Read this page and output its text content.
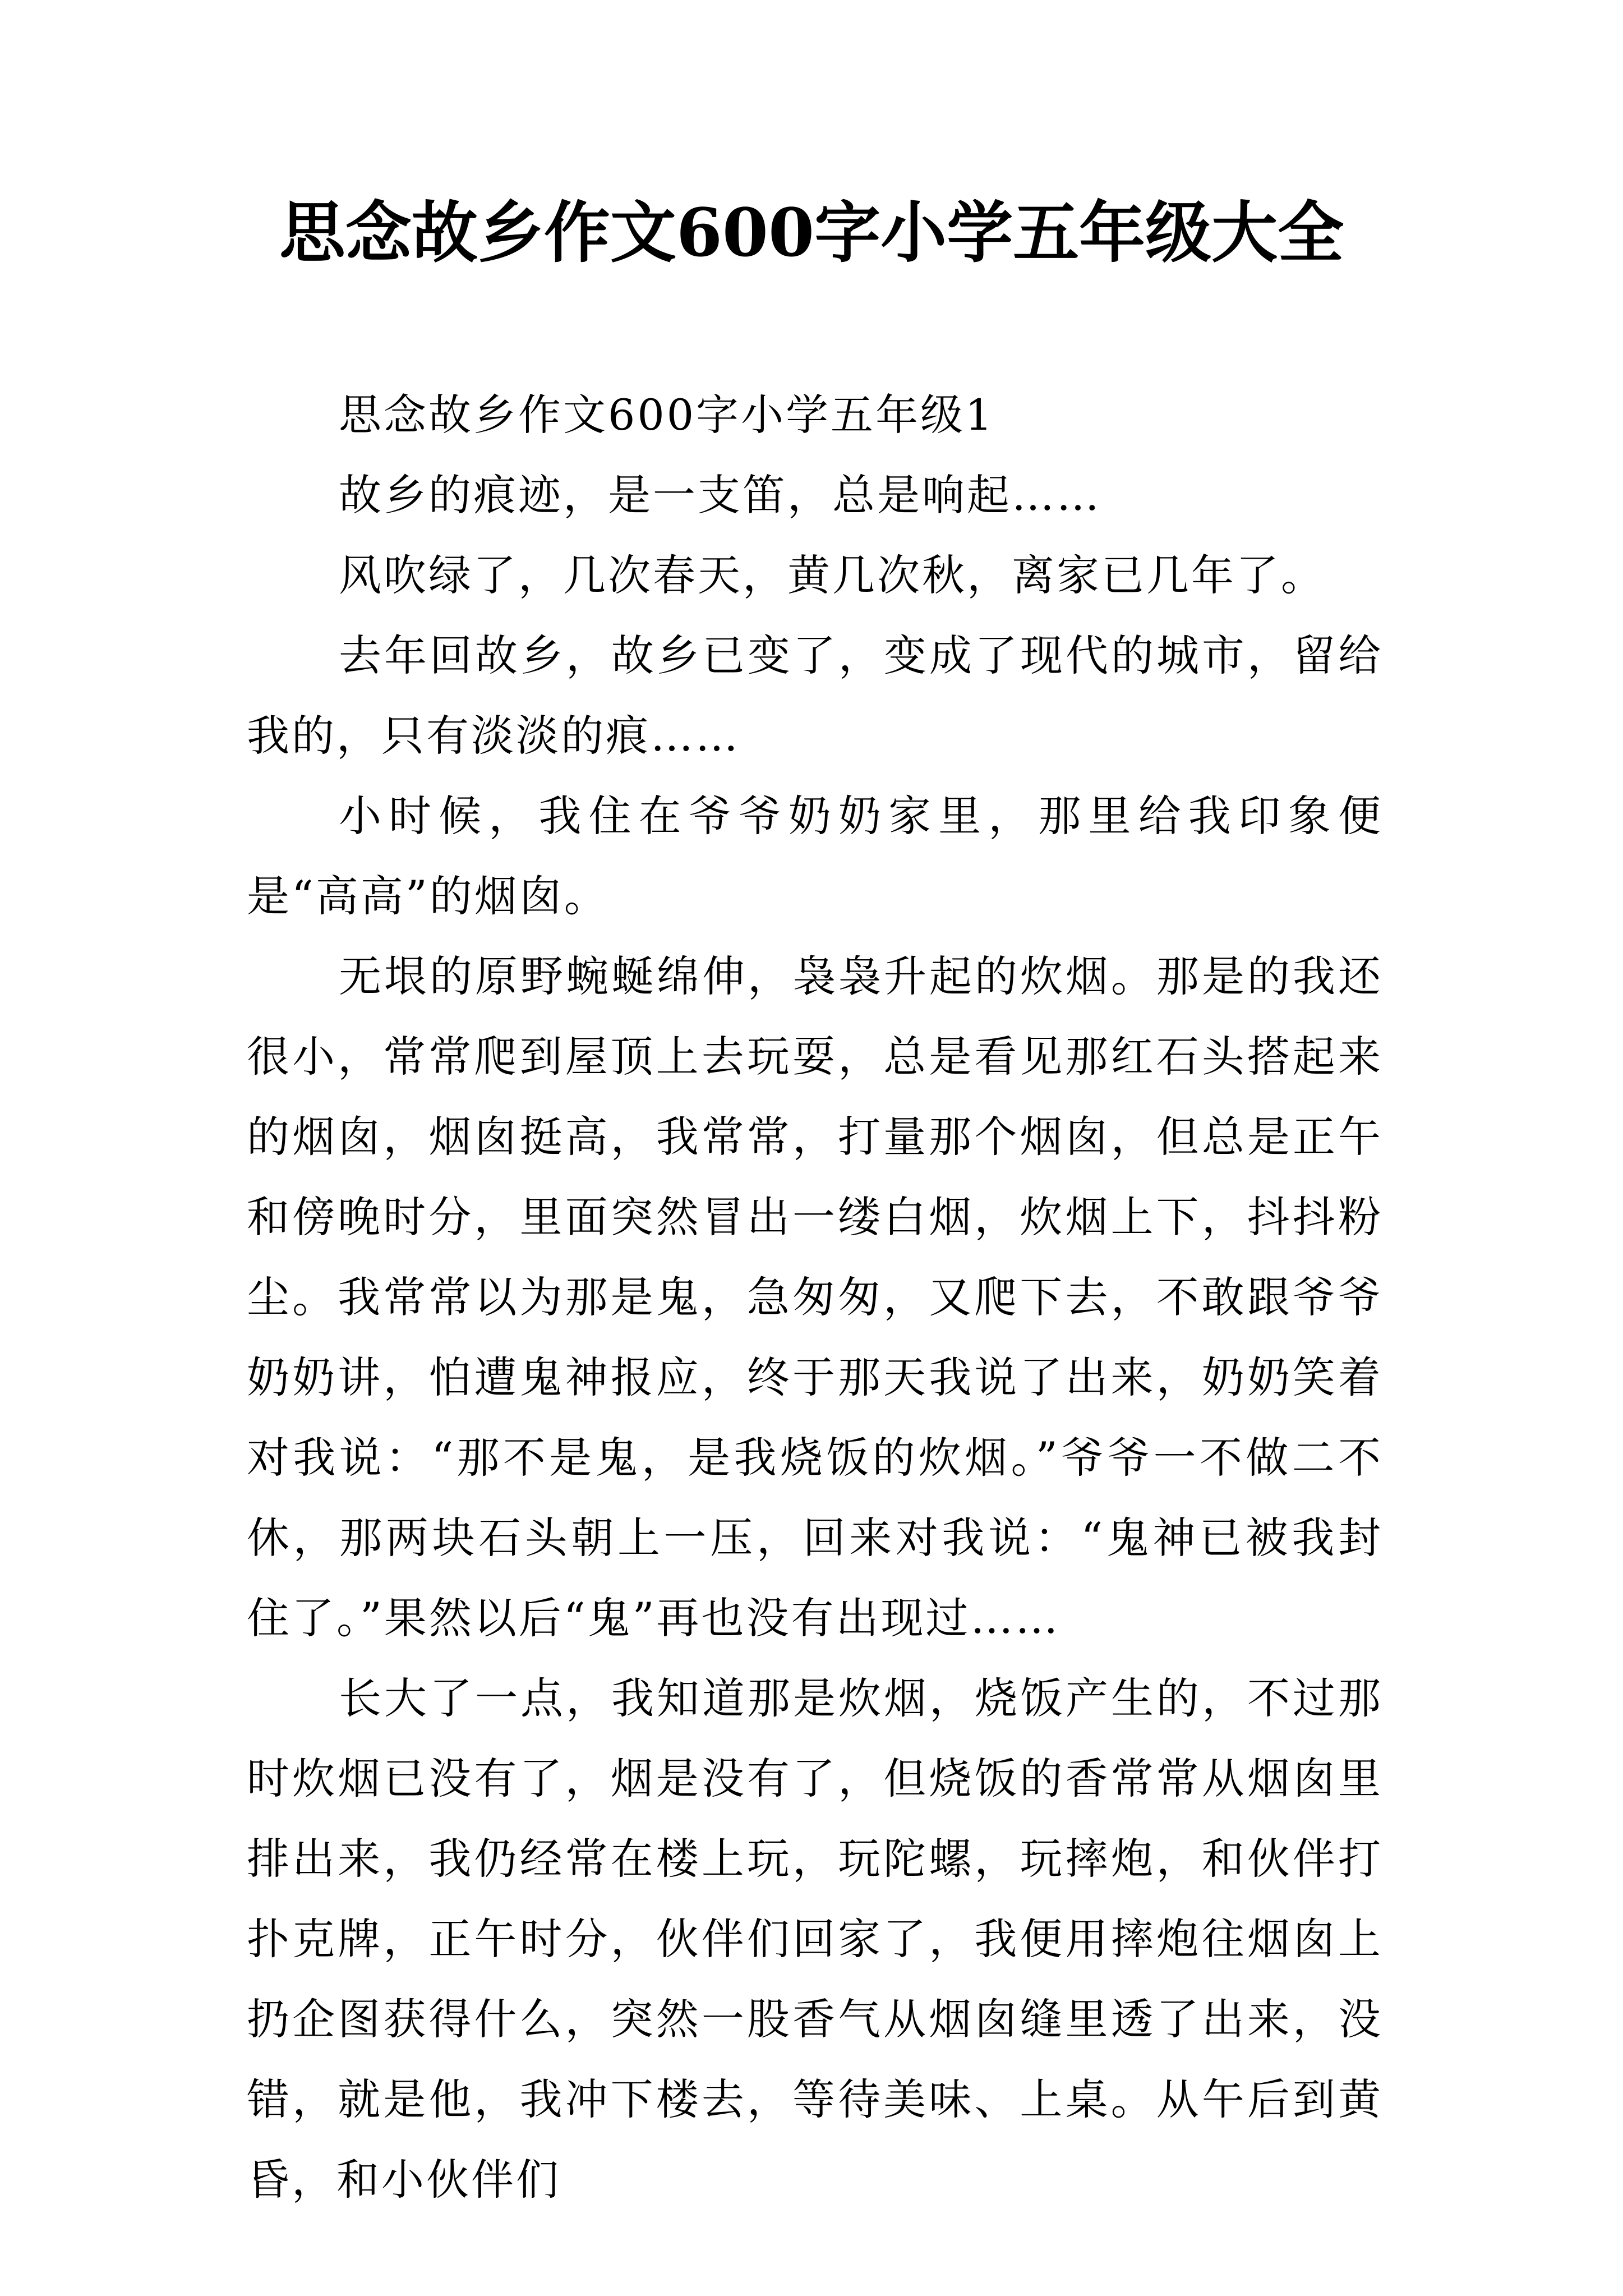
思念故乡作文600字小学五年级大全

思念故乡作文600字小学五年级1

故乡的痕迹，是一支笛，总是响起……

风吹绿了，几次春天，黄几次秋，离家已几年了。

去年回故乡，故乡已变了，变成了现代的城市，留给我的，只有淡淡的痕……

小时候，我住在爷爷奶奶家里，那里给我印象便是“高高”的烟囱。

无垠的原野蜿蜒绵伸，袅袅升起的炊烟。那是的我还很小，常常爬到屋顶上去玩耍，总是看见那红石头搭起来的烟囱，烟囱挺高，我常常，打量那个烟囱，但总是正午和傍晚时分，里面突然冒出一缕白烟，炊烟上下，抖抖粉尘。我常常以为那是鬼，急匆匆，又爬下去，不敢跟爷爷奶奶讲，怕遭鬼神报应，终于那天我说了出来，奶奶笑着对我说：“那不是鬼，是我烧饭的炊烟。”爷爷一不做二不休，那两块石头朝上一压，回来对我说：“鬼神已被我封住了。”果然以后“鬼”再也没有出现过……

长大了一点，我知道那是炊烟，烧饭产生的，不过那时炊烟已没有了，烟是没有了，但烧饭的香常常从烟囱里排出来，我仍经常在楼上玩，玩陀螺，玩摔炮，和伙伴打扑克牌，正午时分，伙伴们回家了，我便用摔炮往烟囱上扔企图获得什么，突然一股香气从烟囱缝里透了出来，没错，就是他，我冲下楼去，等待美味、上桌。从午后到黄昏，和小伙伴们
